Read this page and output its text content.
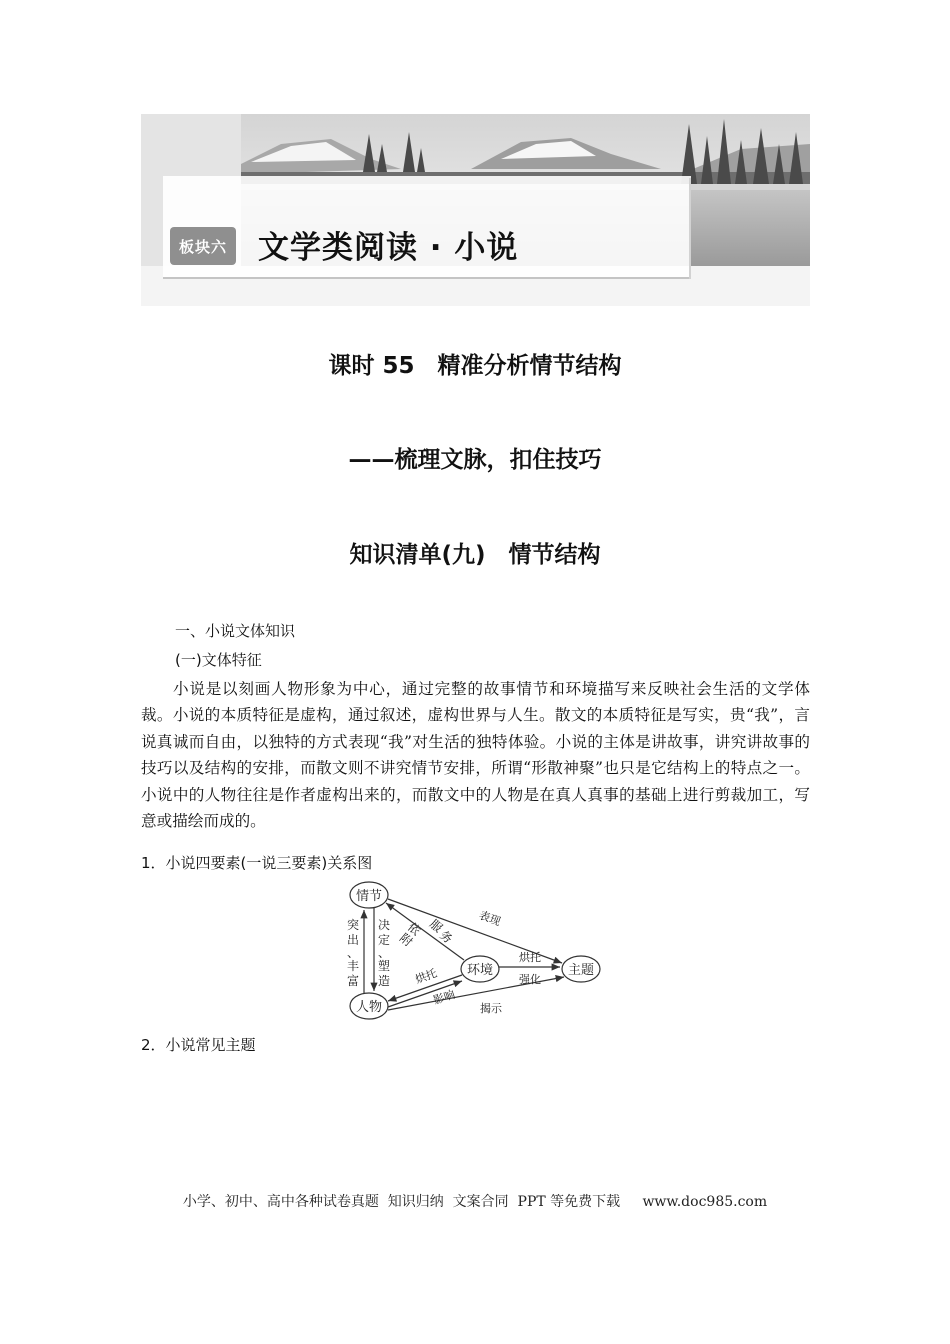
板块六 文学类阅读 · 小说
课时 55　精准分析情节结构
——梳理文脉，扣住技巧
知识清单(九)　情节结构
一、小说文体知识
(一)文体特征

小说是以刻画人物形象为中心，通过完整的故事情节和环境描写来反映社会生活的文学体裁。小说的本质特征是虚构，通过叙述，虚构世界与人生。散文的本质特征是写实，贵“我”，言说真诚而自由，以独特的方式表现“我”对生活的独特体验。小说的主体是讲故事，讲究讲故事的技巧以及结构的安排，而散文则不讲究情节安排，所谓“形散神聚”也只是它结构上的特点之一。小说中的人物往往是作者虚构出来的，而散文中的人物是在真人真事的基础上进行剪裁加工，写意或描绘而成的。

1．小说四要素(一说三要素)关系图
情节
人物
环境	主题
突
出
、
丰
富
决
定
、
塑
造
依
附
服
务
表现
烘托
强化
烘托
影响
揭示
2．小说常见主题
小学、初中、高中各种试卷真题  知识归纳  文案合同  PPT 等免费下载     www.doc985.com
